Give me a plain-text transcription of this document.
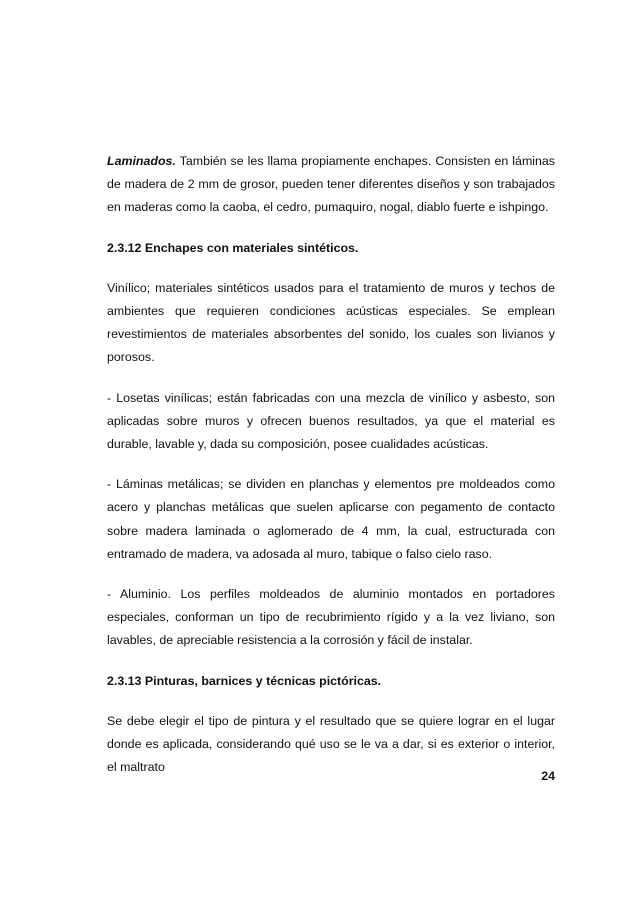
Laminados. También se les llama propiamente enchapes. Consisten en láminas de madera de 2 mm de grosor, pueden tener diferentes diseños y son trabajados en maderas como la caoba, el cedro, pumaquiro, nogal, diablo fuerte e ishpingo.

2.3.12 Enchapes con materiales sintéticos.

Vinílico; materiales sintéticos usados para el tratamiento de muros y techos de ambientes que requieren condiciones acústicas especiales. Se emplean revestimientos de materiales absorbentes del sonido, los cuales son livianos y porosos.

- Losetas vinílicas; están fabricadas con una mezcla de vinílico y asbesto, son aplicadas sobre muros y ofrecen buenos resultados, ya que el material es durable, lavable y, dada su composición, posee cualidades acústicas.

- Láminas metálicas; se dividen en planchas y elementos pre moldeados como acero y planchas metálicas que suelen aplicarse con pegamento de contacto sobre madera laminada o aglomerado de 4 mm, la cual, estructurada con entramado de madera, va adosada al muro, tabique o falso cielo raso.

- Aluminio. Los perfiles moldeados de aluminio montados en portadores especiales, conforman un tipo de recubrimiento rígido y a la vez liviano, son lavables, de apreciable resistencia a la corrosión y fácil de instalar.

2.3.13 Pinturas, barnices y técnicas pictóricas.

Se debe elegir el tipo de pintura y el resultado que se quiere lograr en el lugar donde es aplicada, considerando qué uso se le va a dar, si es exterior o interior, el maltrato

24
